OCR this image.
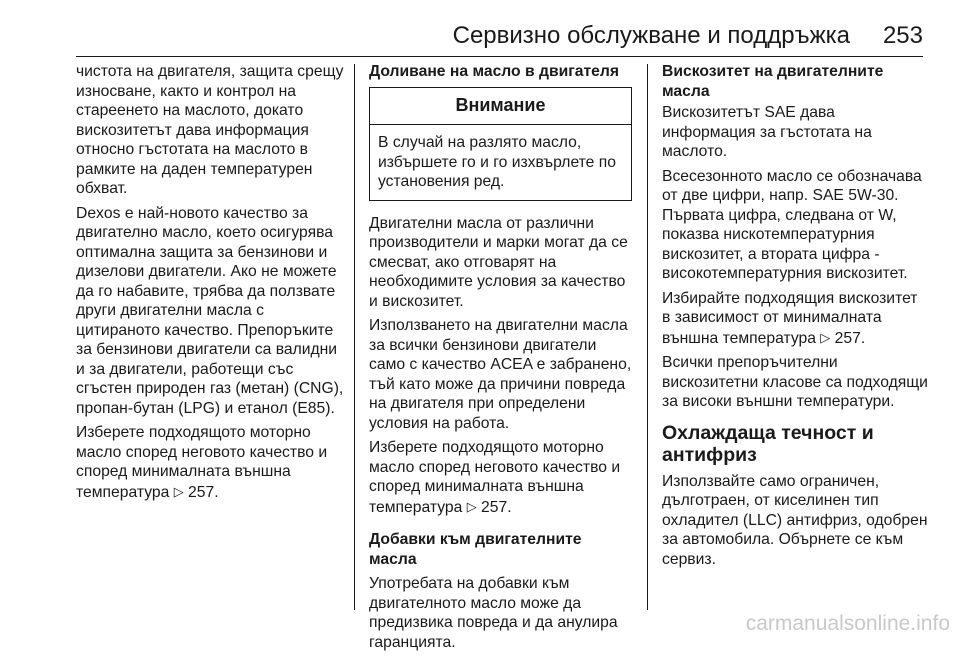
Сервизно обслужване и поддръжка 253

чистота на двигателя, защита срещу износване, както и контрол на стареенето на маслото, докато вискозитетът дава информация относно гъстотата на маслото в рамките на даден температурен обхват.

Dexos е най-новото качество за двигателно масло, което осигурява оптимална защита за бензинови и дизелови двигатели. Ако не можете да го набавите, трябва да ползвате други двигателни масла с цитираното качество. Препоръките за бензинови двигатели са валидни и за двигатели, работещи със сгъстен природен газ (метан) (CNG), пропан-бутан (LPG) и етанол (E85).

Изберете подходящото моторно масло според неговото качество и според минималната външна температура ▷ 257.

Доливане на масло в двигателя
Внимание
В случай на разлято масло, избършете го и го изхвърлете по установения ред.

Двигателни масла от различни производители и марки могат да се смесват, ако отговарят на необходимите условия за качество и вискозитет.

Използването на двигателни масла за всички бензинови двигатели само с качество ACEA е забранено, тъй като може да причини повреда на двигателя при определени условия на работа.

Изберете подходящото моторно масло според неговото качество и според минималната външна температура ▷ 257.

Добавки към двигателните масла

Употребата на добавки към двигателното масло може да предизвика повреда и да анулира гаранцията.

Вискозитет на двигателните масла

Вискозитетът SAE дава информация за гъстотата на маслото.

Всесезонното масло се обозначава от две цифри, напр. SAE 5W-30. Първата цифра, следвана от W, показва нискотемпературния вискозитет, а втората цифра - високотемпературния вискозитет.

Избирайте подходящия вискозитет в зависимост от минималната външна температура ▷ 257.

Всички препоръчителни вискозитетни класове са подходящи за високи външни температури.

Охлаждаща течност и антифриз

Използвайте само ограничен, дълготраен, от киселинен тип охладител (LLC) антифриз, одобрен за автомобила. Обърнете се към сервиз.

carmanualsonline.info
